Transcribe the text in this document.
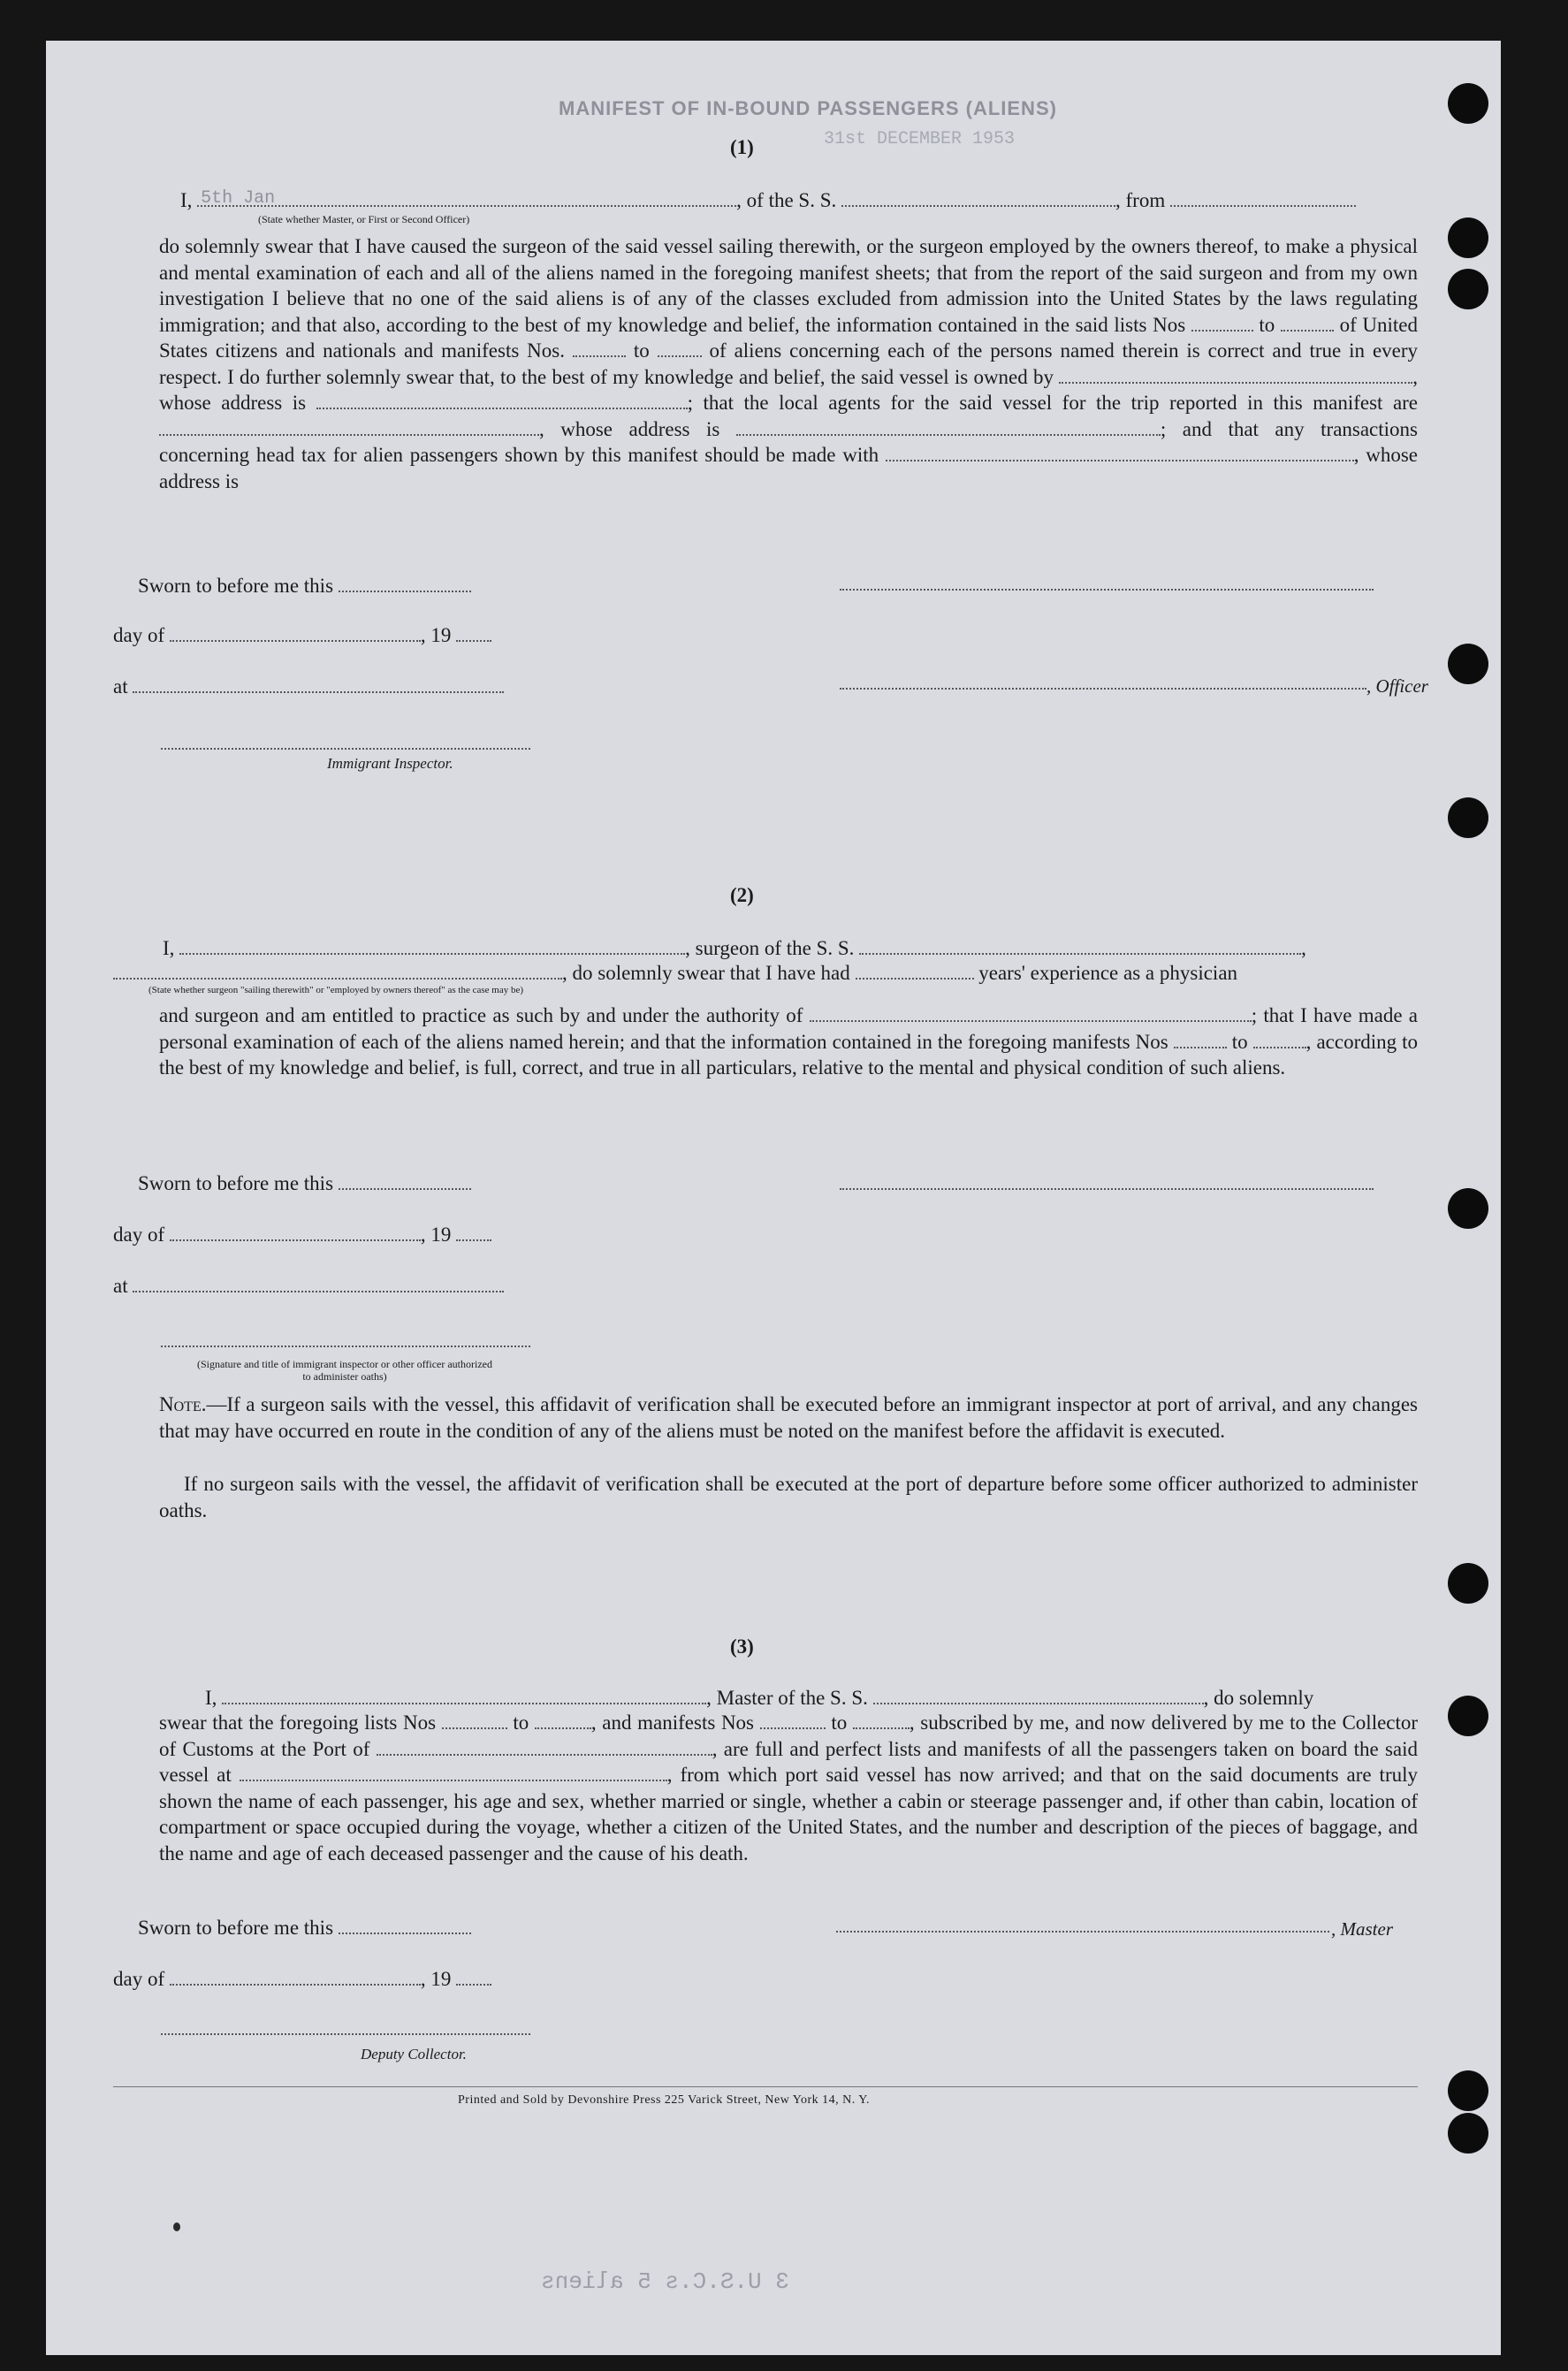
MANIFEST OF IN-BOUND PASSENGERS (ALIENS)
31st DECEMBER 1953
(1)
I, 5th Jan	, of the S. S.	, from
(State whether Master, or First or Second Officer)
do solemnly swear that I have caused the surgeon of the said vessel sailing therewith, or the surgeon employed by the owners thereof, to make a physical and mental examination of each and all of the aliens named in the foregoing manifest sheets; that from the report of the said surgeon and from my own investigation I believe that no one of the said aliens is of any of the classes excluded from admission into the United States by the laws regulating immigration; and that also, according to the best of my knowledge and belief, the information contained in the said lists Nos	to	of United States citizens and nationals and manifests Nos.	to	of aliens concerning each of the persons named therein is correct and true in every respect. I do further solemnly swear that, to the best of my knowledge and belief, the said vessel is owned by	, whose address is	; that the local agents for the said vessel for the trip reported in this manifest are , whose address is	; and that any transactions concerning head tax for alien passengers shown by this manifest should be made with	, whose address is
Sworn to before me this
day of	, 19
at	, Officer
Immigrant Inspector.
(2)
I,	, surgeon of the S. S.	,
, do solemnly swear that I have had	years' experience as a physician
(State whether surgeon "sailing therewith" or "employed by owners thereof" as the case may be)
and surgeon and am entitled to practice as such by and under the authority of	; that I have made a personal examination of each of the aliens named herein; and that the information contained in the foregoing manifests Nos	to	, according to the best of my knowledge and belief, is full, correct, and true in all particulars, relative to the mental and physical condition of such aliens.
Sworn to before me this
day of	, 19
at
(Signature and title of immigrant inspector or other officer authorized to administer oaths)
Note.—If a surgeon sails with the vessel, this affidavit of verification shall be executed before an immigrant inspector at port of arrival, and any changes that may have occurred en route in the condition of any of the aliens must be noted on the manifest before the affidavit is executed.
If no surgeon sails with the vessel, the affidavit of verification shall be executed at the port of departure before some officer authorized to administer oaths.
(3)
I,	, Master of the S. S.	, do solemnly
swear that the foregoing lists Nos	to	, and manifests Nos	to	, subscribed by me, and now delivered by me to the Collector of Customs at the Port of	, are full and perfect lists and manifests of all the passengers taken on board the said vessel at	, from which port said vessel has now arrived; and that on the said documents are truly shown the name of each passenger, his age and sex, whether married or single, whether a cabin or steerage passenger and, if other than cabin, location of compartment or space occupied during the voyage, whether a citizen of the United States, and the number and description of the pieces of baggage, and the name and age of each deceased passenger and the cause of his death.
Sworn to before me this	, Master
day of	, 19
Deputy Collector.
Printed and Sold by Devonshire Press 225 Varick Street, New York 14, N. Y.
3 U.S.C.s 5 aliens
